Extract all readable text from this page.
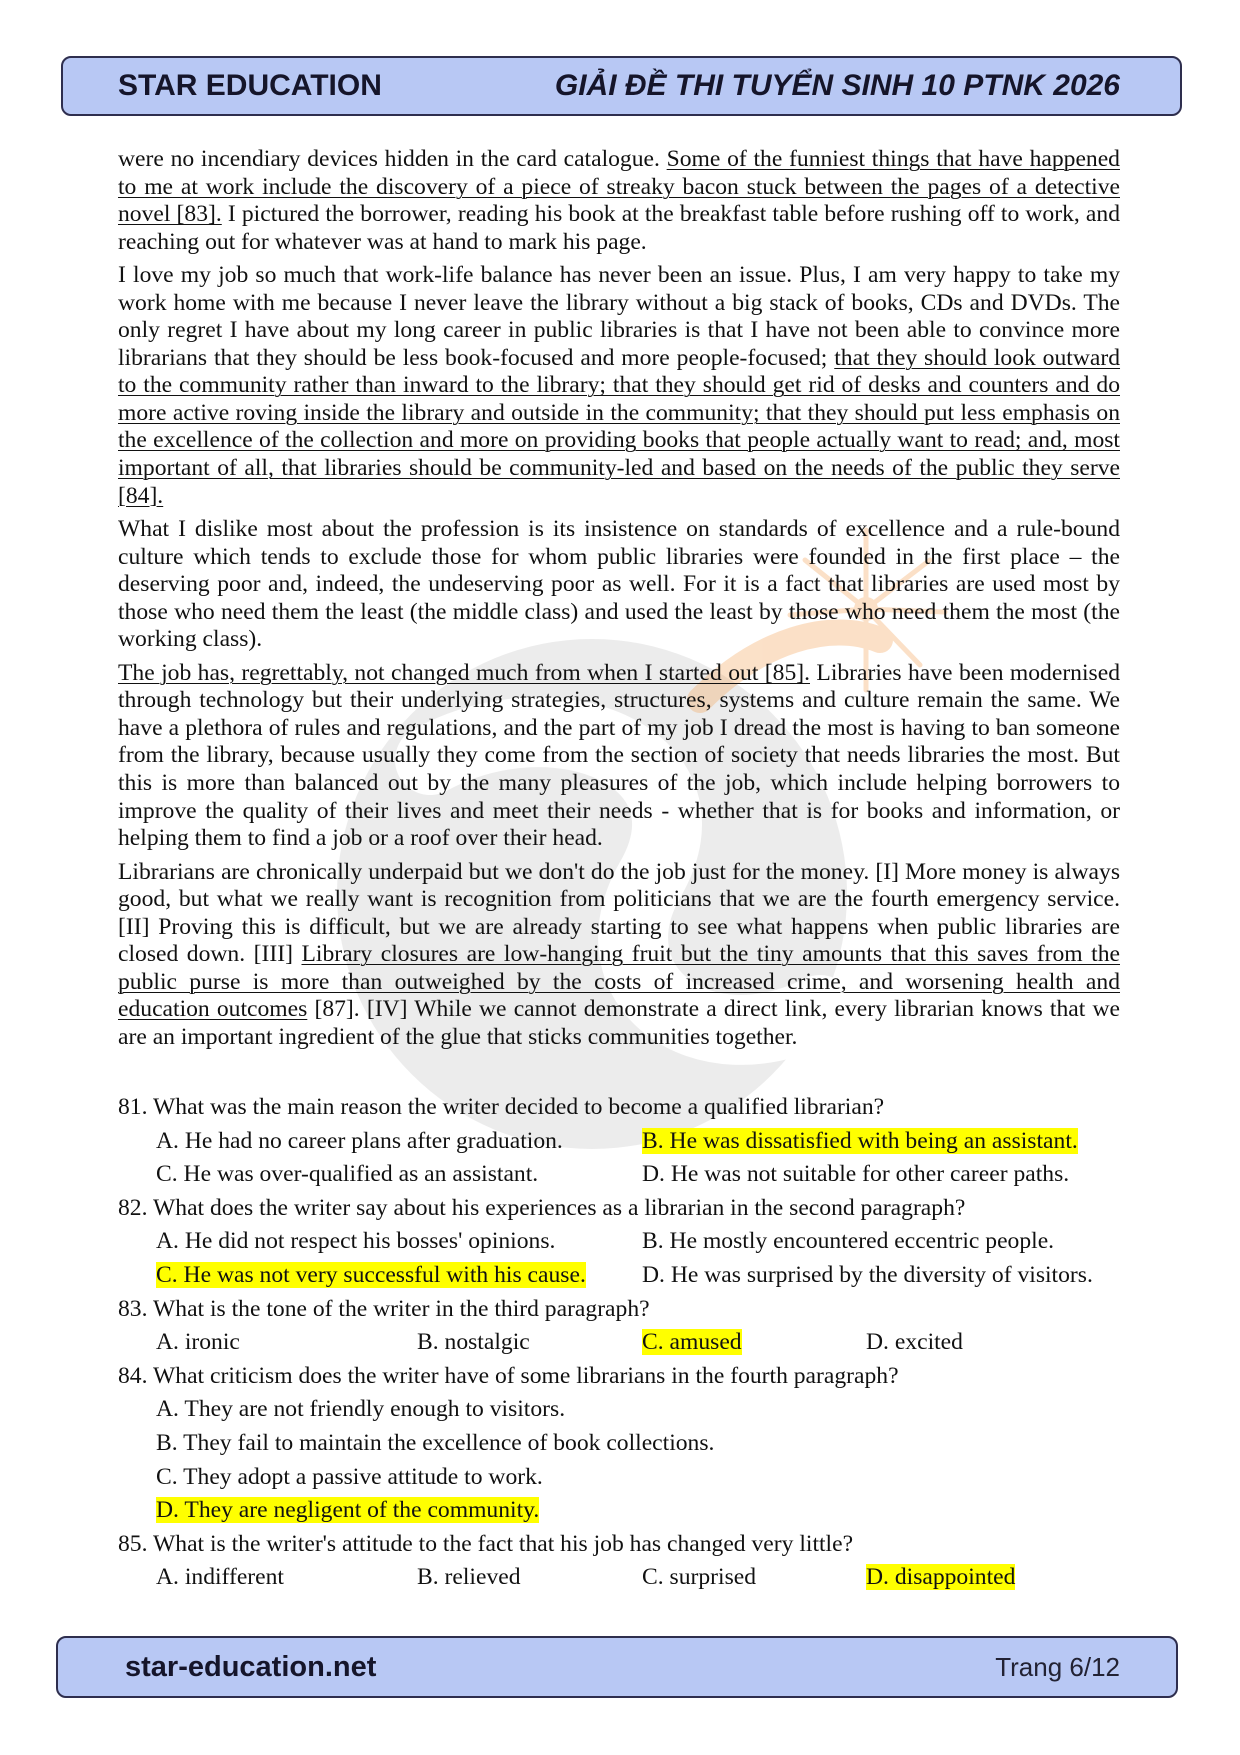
STAR EDUCATION	GIẢI ĐỀ THI TUYỂN SINH 10 PTNK 2026

were no incendiary devices hidden in the card catalogue. Some of the funniest things that have happened to me at work include the discovery of a piece of streaky bacon stuck between the pages of a detective novel [83]. I pictured the borrower, reading his book at the breakfast table before rushing off to work, and reaching out for whatever was at hand to mark his page.

I love my job so much that work-life balance has never been an issue. Plus, I am very happy to take my work home with me because I never leave the library without a big stack of books, CDs and DVDs. The only regret I have about my long career in public libraries is that I have not been able to convince more librarians that they should be less book-focused and more people-focused; that they should look outward to the community rather than inward to the library; that they should get rid of desks and counters and do more active roving inside the library and outside in the community; that they should put less emphasis on the excellence of the collection and more on providing books that people actually want to read; and, most important of all, that libraries should be community-led and based on the needs of the public they serve [84].

What I dislike most about the profession is its insistence on standards of excellence and a rule-bound culture which tends to exclude those for whom public libraries were founded in the first place – the deserving poor and, indeed, the undeserving poor as well. For it is a fact that libraries are used most by those who need them the least (the middle class) and used the least by those who need them the most (the working class).

The job has, regrettably, not changed much from when I started out [85]. Libraries have been modernised through technology but their underlying strategies, structures, systems and culture remain the same. We have a plethora of rules and regulations, and the part of my job I dread the most is having to ban someone from the library, because usually they come from the section of society that needs libraries the most. But this is more than balanced out by the many pleasures of the job, which include helping borrowers to improve the quality of their lives and meet their needs - whether that is for books and information, or helping them to find a job or a roof over their head.

Librarians are chronically underpaid but we don't do the job just for the money. [I] More money is always good, but what we really want is recognition from politicians that we are the fourth emergency service. [II] Proving this is difficult, but we are already starting to see what happens when public libraries are closed down. [III] Library closures are low-hanging fruit but the tiny amounts that this saves from the public purse is more than outweighed by the costs of increased crime, and worsening health and education outcomes [87]. [IV] While we cannot demonstrate a direct link, every librarian knows that we are an important ingredient of the glue that sticks communities together.

81. What was the main reason the writer decided to become a qualified librarian?
A. He had no career plans after graduation.	B. He was dissatisfied with being an assistant.
C. He was over-qualified as an assistant.	D. He was not suitable for other career paths.
82. What does the writer say about his experiences as a librarian in the second paragraph?
A. He did not respect his bosses' opinions.	B. He mostly encountered eccentric people.
C. He was not very successful with his cause.	D. He was surprised by the diversity of visitors.
83. What is the tone of the writer in the third paragraph?
A. ironic	B. nostalgic	C. amused	D. excited
84. What criticism does the writer have of some librarians in the fourth paragraph?
A. They are not friendly enough to visitors.
B. They fail to maintain the excellence of book collections.
C. They adopt a passive attitude to work.
D. They are negligent of the community.
85. What is the writer's attitude to the fact that his job has changed very little?
A. indifferent	B. relieved	C. surprised	D. disappointed
star-education.net	Trang 6/12
